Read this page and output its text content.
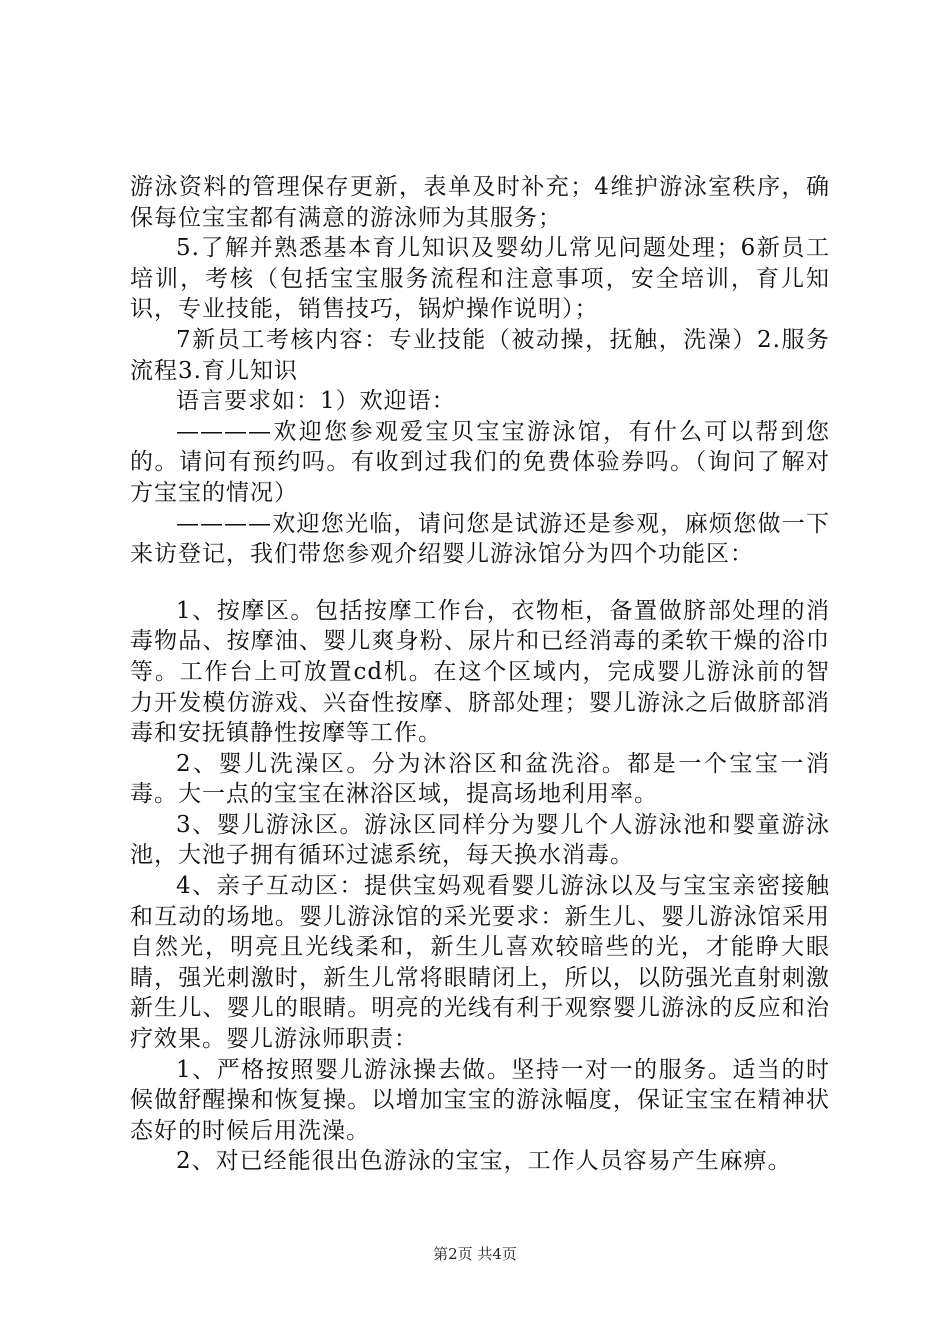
游泳资料的管理保存更新，表单及时补充；4维护游泳室秩序，确保每位宝宝都有满意的游泳师为其服务；

5.了解并熟悉基本育儿知识及婴幼儿常见问题处理；6新员工培训，考核（包括宝宝服务流程和注意事项，安全培训，育儿知识，专业技能，销售技巧，锅炉操作说明）；

7新员工考核内容：专业技能（被动操，抚触，洗澡）2.服务流程3.育儿知识

语言要求如：1）欢迎语：

————欢迎您参观爱宝贝宝宝游泳馆，有什么可以帮到您的。请问有预约吗。有收到过我们的免费体验券吗。（询问了解对方宝宝的情况）

————欢迎您光临，请问您是试游还是参观，麻烦您做一下来访登记，我们带您参观介绍婴儿游泳馆分为四个功能区：

1、按摩区。包括按摩工作台，衣物柜，备置做脐部处理的消毒物品、按摩油、婴儿爽身粉、尿片和已经消毒的柔软干燥的浴巾等。工作台上可放置cd机。在这个区域内，完成婴儿游泳前的智力开发模仿游戏、兴奋性按摩、脐部处理；婴儿游泳之后做脐部消毒和安抚镇静性按摩等工作。

2、婴儿洗澡区。分为沐浴区和盆洗浴。都是一个宝宝一消毒。大一点的宝宝在淋浴区域，提高场地利用率。

3、婴儿游泳区。游泳区同样分为婴儿个人游泳池和婴童游泳池，大池子拥有循环过滤系统，每天换水消毒。

4、亲子互动区：提供宝妈观看婴儿游泳以及与宝宝亲密接触和互动的场地。婴儿游泳馆的采光要求：新生儿、婴儿游泳馆采用自然光，明亮且光线柔和，新生儿喜欢较暗些的光，才能睁大眼睛，强光刺激时，新生儿常将眼睛闭上，所以，以防强光直射刺激新生儿、婴儿的眼睛。明亮的光线有利于观察婴儿游泳的反应和治疗效果。婴儿游泳师职责：

1、严格按照婴儿游泳操去做。坚持一对一的服务。适当的时候做舒醒操和恢复操。以增加宝宝的游泳幅度，保证宝宝在精神状态好的时候后用洗澡。

2、对已经能很出色游泳的宝宝，工作人员容易产生麻痹。

第2页 共4页
